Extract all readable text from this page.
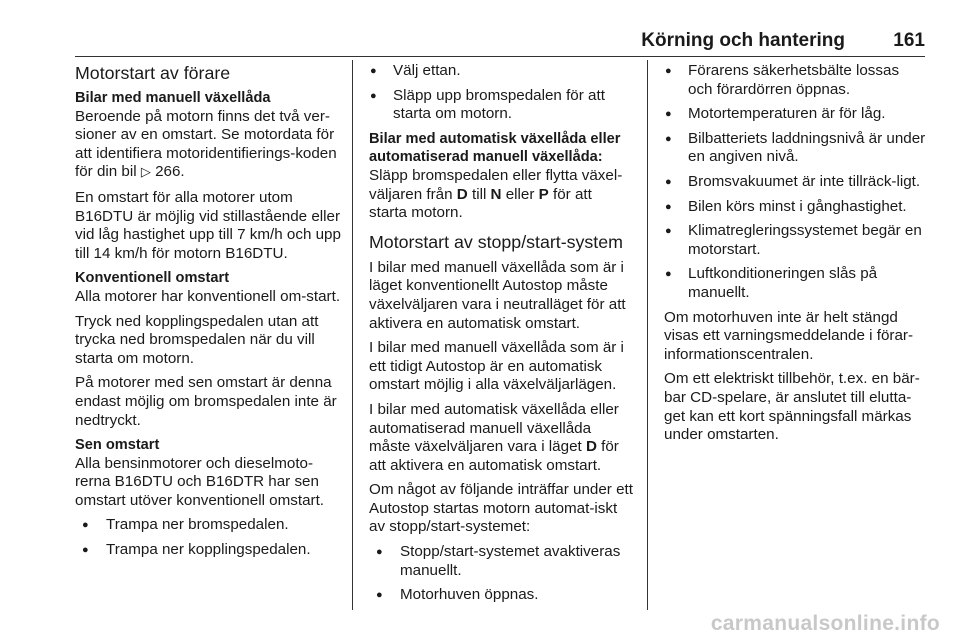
Körning och hantering	161
Motorstart av förare
Bilar med manuell växellåda

Beroende på motorn finns det två ver-sioner av en omstart. Se motordata för att identifiera motoridentifierings-koden för din bil ▷ 266.

En omstart för alla motorer utom B16DTU är möjlig vid stillastående eller vid låg hastighet upp till 7 km/h och upp till 14 km/h för motorn B16DTU.

Konventionell omstart

Alla motorer har konventionell om-start.

Tryck ned kopplingspedalen utan att trycka ned bromspedalen när du vill starta om motorn.

På motorer med sen omstart är denna endast möjlig om bromspedalen inte är nedtryckt.

Sen omstart

Alla bensinmotorer och dieselmoto-rerna B16DTU och B16DTR har sen omstart utöver konventionell omstart.

● Trampa ner bromspedalen.
● Trampa ner kopplingspedalen.
● Välj ettan.
● Släpp upp bromspedalen för att starta om motorn.
Bilar med automatisk växellåda eller automatiserad manuell växellåda:

Släpp bromspedalen eller flytta växel-väljaren från D till N eller P för att starta motorn.

Motorstart av stopp/start-system

I bilar med manuell växellåda som är i läget konventionellt Autostop måste växelväljaren vara i neutralläget för att aktivera en automatisk omstart.

I bilar med manuell växellåda som är i ett tidigt Autostop är en automatisk omstart möjlig i alla växelväljarlägen.

I bilar med automatisk växellåda eller automatiserad manuell växellåda måste växelväljaren vara i läget D för att aktivera en automatisk omstart.

Om något av följande inträffar under ett Autostop startas motorn automat-iskt av stopp/start-systemet:

● Stopp/start-systemet avaktiveras manuellt.
● Motorhuven öppnas.
● Förarens säkerhetsbälte lossas och förardörren öppnas.
● Motortemperaturen är för låg.
● Bilbatteriets laddningsnivå är under en angiven nivå.
● Bromsvakuumet är inte tillräck-ligt.
● Bilen körs minst i gånghastighet.
● Klimatregleringssystemet begär en motorstart.
● Luftkonditioneringen slås på manuellt.

Om motorhuven inte är helt stängd visas ett varningsmeddelande i förar-informationscentralen.

Om ett elektriskt tillbehör, t.ex. en bär-bar CD-spelare, är anslutet till elutta-get kan ett kort spänningsfall märkas under omstarten.

carmanualsonline.info
